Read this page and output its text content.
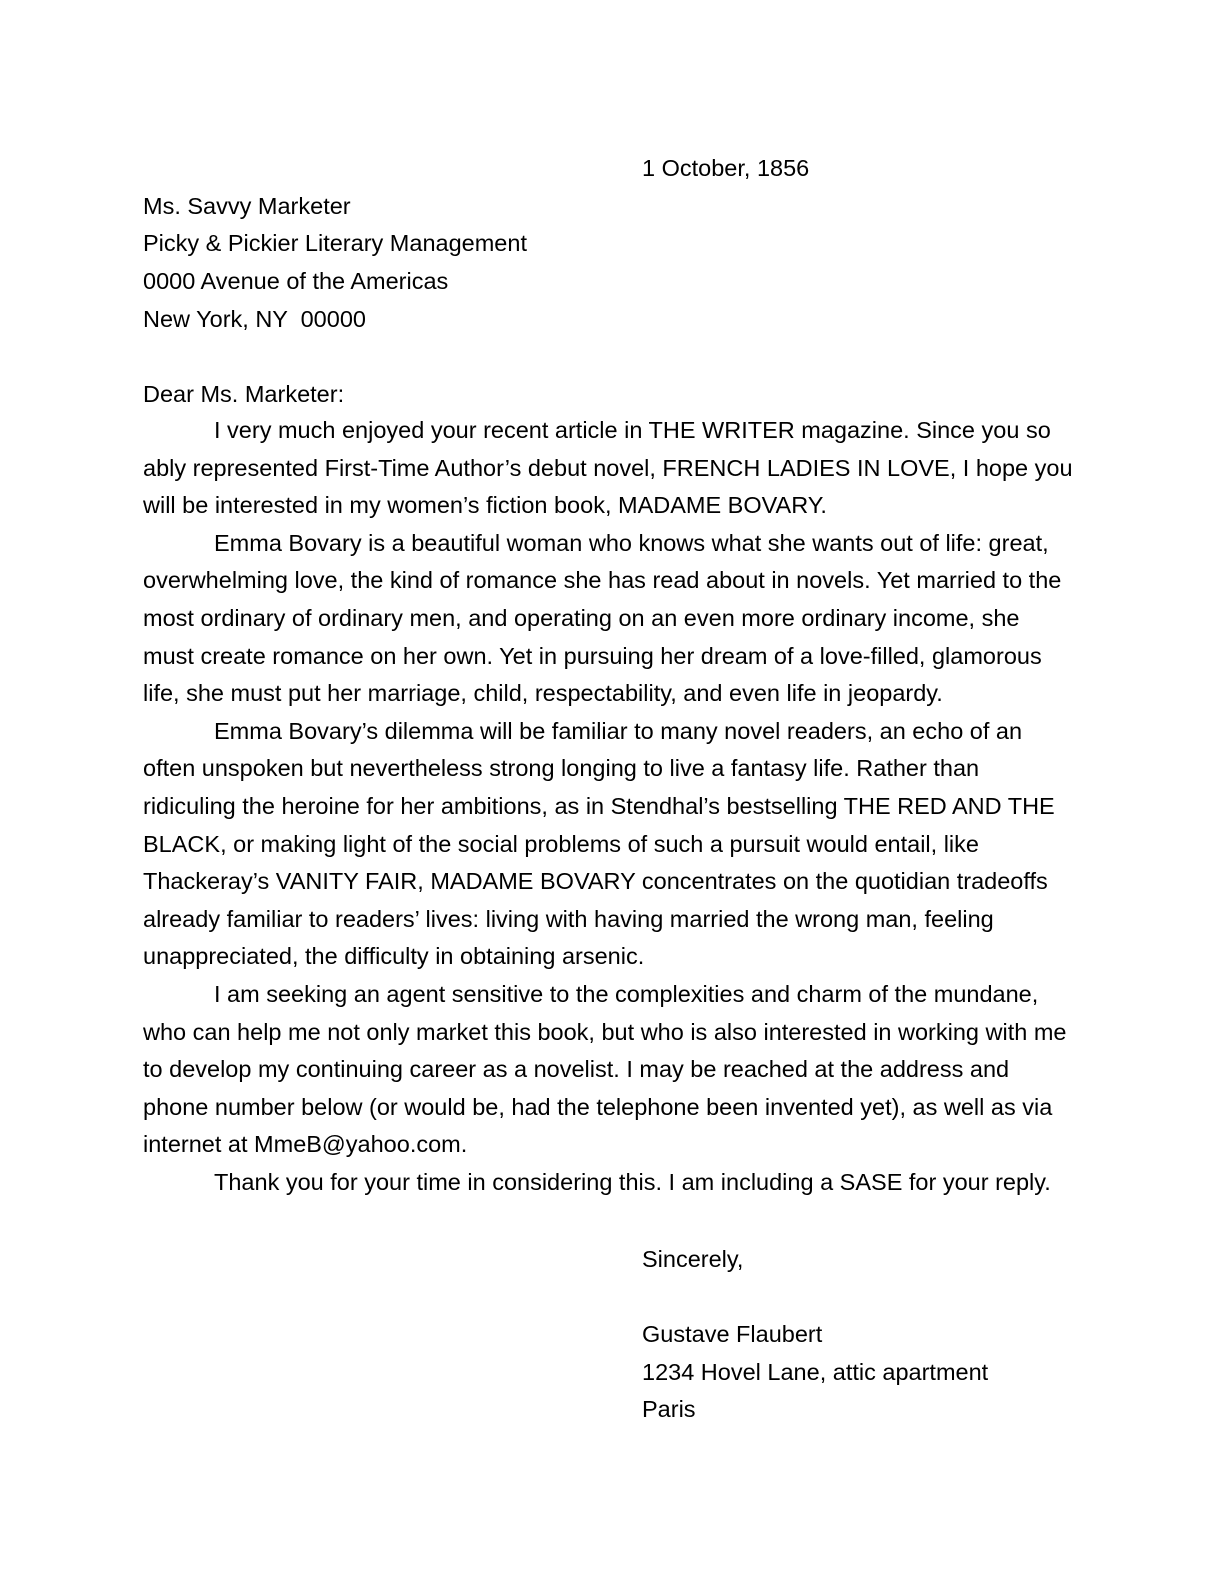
1 October, 1856
Ms. Savvy Marketer
Picky & Pickier Literary Management
0000 Avenue of the Americas
New York, NY  00000
Dear Ms. Marketer:

I very much enjoyed your recent article in THE WRITER magazine. Since you so ably represented First-Time Author’s debut novel, FRENCH LADIES IN LOVE, I hope you will be interested in my women’s fiction book, MADAME BOVARY.

Emma Bovary is a beautiful woman who knows what she wants out of life: great, overwhelming love, the kind of romance she has read about in novels. Yet married to the most ordinary of ordinary men, and operating on an even more ordinary income, she must create romance on her own. Yet in pursuing her dream of a love-filled, glamorous life, she must put her marriage, child, respectability, and even life in jeopardy.

Emma Bovary’s dilemma will be familiar to many novel readers, an echo of an often unspoken but nevertheless strong longing to live a fantasy life. Rather than ridiculing the heroine for her ambitions, as in Stendhal’s bestselling THE RED AND THE BLACK, or making light of the social problems of such a pursuit would entail, like Thackeray’s VANITY FAIR, MADAME BOVARY concentrates on the quotidian tradeoffs already familiar to readers’ lives: living with having married the wrong man, feeling unappreciated, the difficulty in obtaining arsenic.

I am seeking an agent sensitive to the complexities and charm of the mundane, who can help me not only market this book, but who is also interested in working with me to develop my continuing career as a novelist. I may be reached at the address and phone number below (or would be, had the telephone been invented yet), as well as via internet at MmeB@yahoo.com.

Thank you for your time in considering this. I am including a SASE for your reply.

Sincerely,
Gustave Flaubert
1234 Hovel Lane, attic apartment
Paris
